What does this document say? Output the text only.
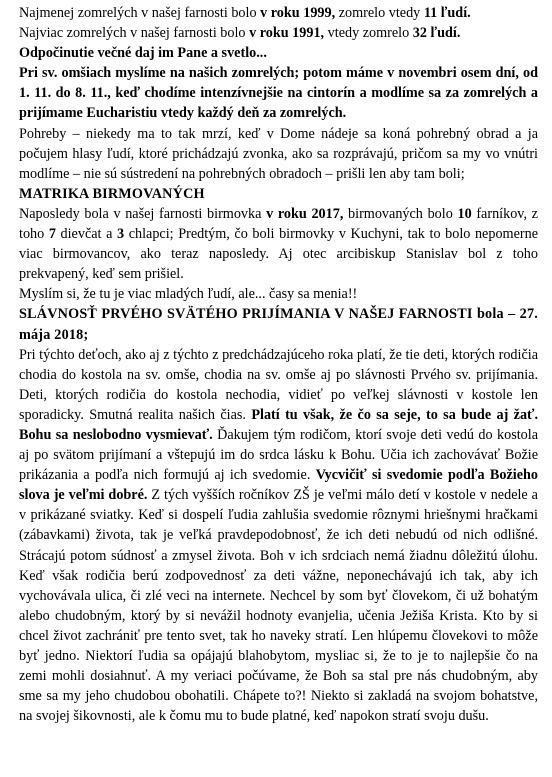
Najmenej zomrelých v našej farnosti bolo v roku 1999, zomrelo vtedy 11 ľudí.

Najviac zomrelých v našej farnosti bolo v roku 1991, vtedy zomrelo 32 ľudí.

Odpočinutie večné daj im Pane a svetlo...

Pri sv. omšiach myslíme na našich zomrelých; potom máme v novembri osem dní, od 1. 11. do 8. 11., keď chodíme intenzívnejšie na cintorín a modlíme sa za zomrelých a prijímame Eucharistiu vtedy každý deň za zomrelých.

Pohreby – niekedy ma to tak mrzí, keď v Dome nádeje sa koná pohrebný obrad a ja počujem hlasy ľudí, ktoré prichádzajú zvonka, ako sa rozprávajú, pričom sa my vo vnútri modlíme – nie sú sústredení na pohrebných obradoch – prišli len aby tam boli;

MATRIKA BIRMOVANÝCH

Naposledy bola v našej farnosti birmovka v roku 2017, birmovaných bolo 10 farníkov, z toho 7 dievčat a 3 chlapci; Predtým, čo boli birmovky v Kuchyni, tak to bolo nepomerne viac birmovancov, ako teraz naposledy. Aj otec arcibiskup Stanislav bol z toho prekvapený, keď sem prišiel.

Myslím si, že tu je viac mladých ľudí, ale... časy sa menia!!

SLÁVNOSŤ PRVÉHO SVÄTÉHO PRIJÍMANIA V NAŠEJ FARNOSTI bola – 27. mája 2018;

Pri týchto deťoch, ako aj z týchto z predchádzajúceho roka platí, že tie deti, ktorých rodičia chodia do kostola na sv. omše, chodia na sv. omše aj po slávnosti Prvého sv. prijímania. Deti, ktorých rodičia do kostola nechodia, vidieť po veľkej slávnosti v kostole len sporadicky. Smutná realita našich čias. Platí tu však, že čo sa seje, to sa bude aj žať. Bohu sa neslobodno vysmievať. Ďakujem tým rodičom, ktorí svoje deti vedú do kostola aj po svätom prijímaní a vštepujú im do srdca lásku k Bohu. Učia ich zachovávať Božie prikázania a podľa nich formujú aj ich svedomie. Vycvičiť si svedomie podľa Božieho slova je veľmi dobré. Z tých vyšších ročníkov ZŠ je veľmi málo detí v kostole v nedele a v prikázané sviatky. Keď si dospelí ľudia zahlušia svedomie rôznymi hriešnymi hračkami (zábavkami) života, tak je veľká pravdepodobnosť, že ich deti nebudú od nich odlišné. Strácajú potom súdnosť a zmysel života. Boh v ich srdciach nemá žiadnu dôležitú úlohu. Keď však rodičia berú zodpovednosť za deti vážne, neponechávajú ich tak, aby ich vychovávala ulica, či zlé veci na internete. Nechcel by som byť človekom, či už bohatým alebo chudobným, ktorý by si nevážil hodnoty evanjelia, učenia Ježiša Krista. Kto by si chcel život zachrániť pre tento svet, tak ho naveky stratí. Len hlúpemu človekovi to môže byť jedno. Niektorí ľudia sa opájajú blahobytom, mysliac si, že to je to najlepšie čo na zemi mohli dosiahnuť. A my veriaci počúvame, že Boh sa stal pre nás chudobným, aby sme sa my jeho chudobou obohatili. Chápete to?! Niekto si zakladá na svojom bohatstve, na svojej šikovnosti, ale k čomu mu to bude platné, keď napokon stratí svoju dušu.
